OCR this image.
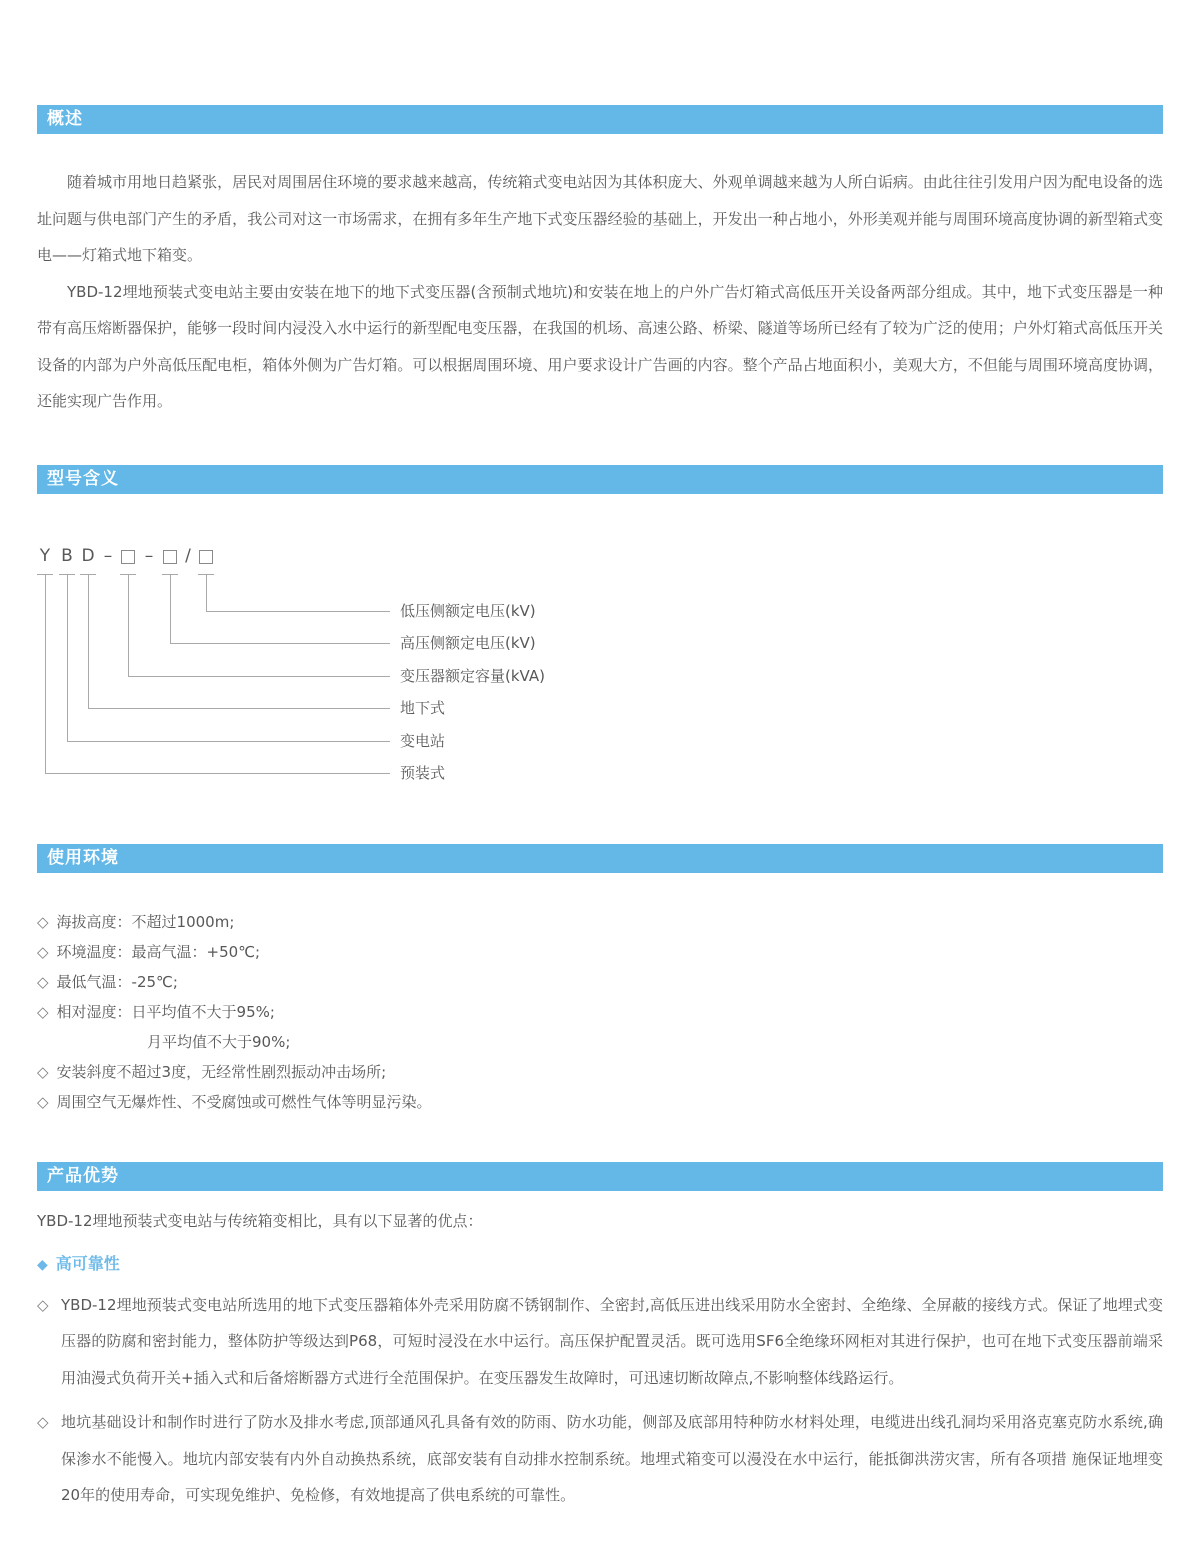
概述

随着城市用地日趋紧张，居民对周围居住环境的要求越来越高，传统箱式变电站因为其体积庞大、外观单调越来越为人所白诟病。由此往往引发用户因为配电设备的选址问题与供电部门产生的矛盾，我公司对这一市场需求，在拥有多年生产地下式变压器经验的基础上，开发出一种占地小，外形美观并能与周围环境高度协调的新型箱式变电——灯箱式地下箱变。

YBD-12埋地预装式变电站主要由安装在地下的地下式变压器(含预制式地坑)和安装在地上的户外广告灯箱式高低压开关设备两部分组成。其中，地下式变压器是一种带有高压熔断器保护，能够一段时间内浸没入水中运行的新型配电变压器，在我国的机场、高速公路、桥梁、隧道等场所已经有了较为广泛的使用；户外灯箱式高低压开关设备的内部为户外高低压配电柜，箱体外侧为广告灯箱。可以根据周围环境、用户要求设计广告画的内容。整个产品占地面积小，美观大方，不但能与周围环境高度协调，还能实现广告作用。

型号含义
Y B D – – /
低压侧额定电压(kV)
高压侧额定电压(kV)
变压器额定容量(kVA)
地下式
变电站
预装式
使用环境
◇ 海拔高度：不超过1000m;
◇ 环境温度：最高气温：+50℃;
◇ 最低气温：-25℃;
◇ 相对湿度：日平均值不大于95%;
月平均值不大于90%;
◇ 安装斜度不超过3度，无经常性剧烈振动冲击场所;
◇ 周围空气无爆炸性、不受腐蚀或可燃性气体等明显污染。
产品优势

YBD-12埋地预装式变电站与传统箱变相比，具有以下显著的优点：

◆ 高可靠性
◇ YBD-12埋地预装式变电站所选用的地下式变压器箱体外壳采用防腐不锈钢制作、全密封,高低压进出线采用防水全密封、全绝缘、全屏蔽的接线方式。保证了地埋式变压器的防腐和密封能力，整体防护等级达到P68，可短时浸没在水中运行。高压保护配置灵活。既可选用SF6全绝缘环网柜对其进行保护，也可在地下式变压器前端采用油漫式负荷开关+插入式和后备熔断器方式进行全范围保护。在变压器发生故障时，可迅速切断故障点,不影响整体线路运行。
◇ 地坑基础设计和制作时进行了防水及排水考虑,顶部通风孔具备有效的防雨、防水功能，侧部及底部用特种防水材料处理，电缆进出线孔洞均采用洛克塞克防水系统,确保渗水不能慢入。地坑内部安装有内外自动换热系统，底部安装有自动排水控制系统。地埋式箱变可以漫没在水中运行，能抵御洪涝灾害，所有各项措 施保证地埋变20年的使用寿命，可实现免维护、免检修，有效地提高了供电系统的可靠性。
